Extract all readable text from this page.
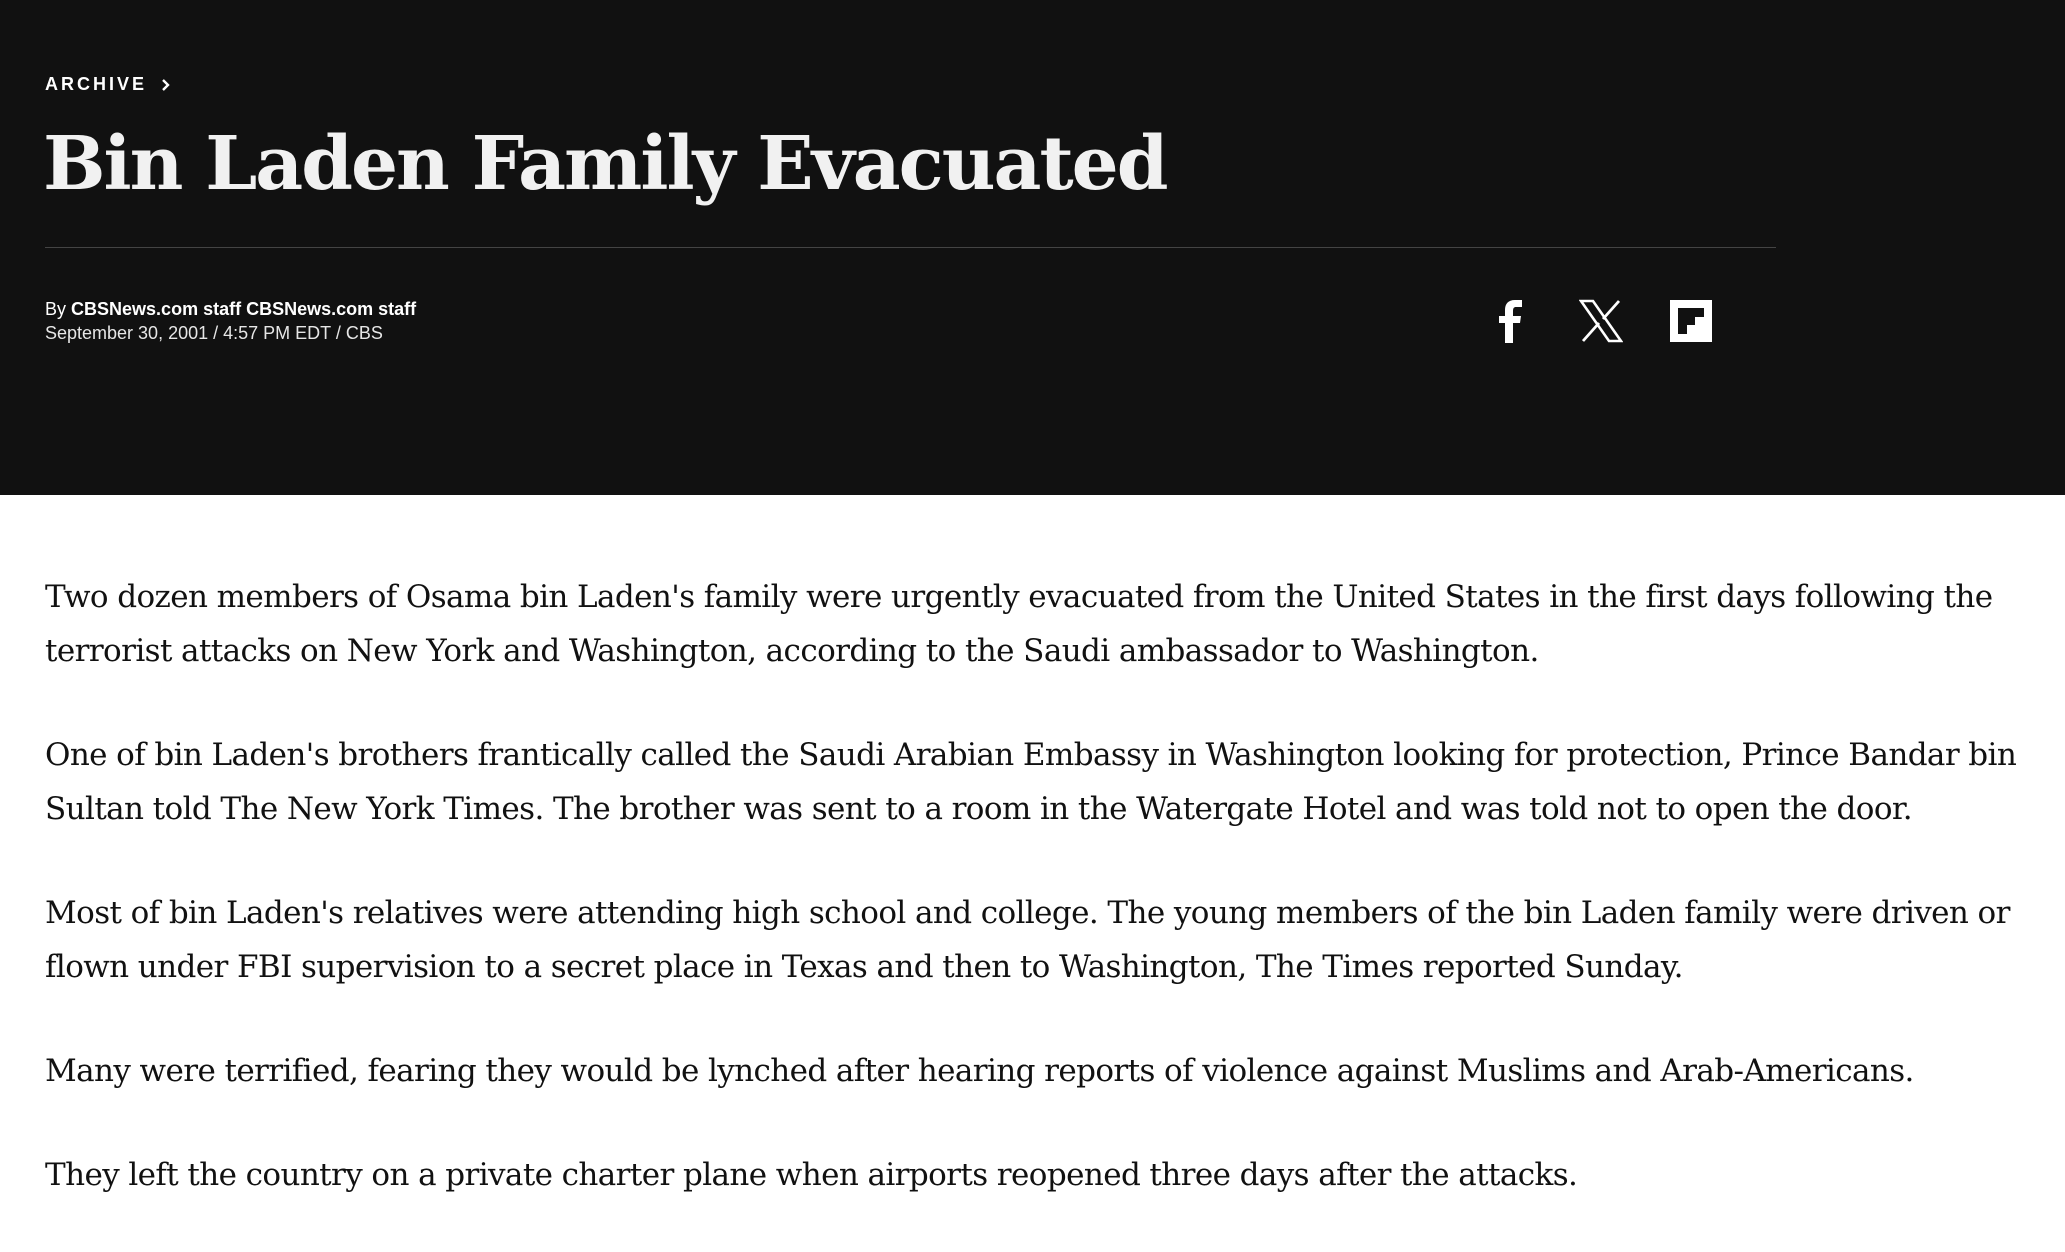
ARCHIVE
Bin Laden Family Evacuated
By CBSNews.com staff CBSNews.com staff
September 30, 2001 / 4:57 PM EDT / CBS

Two dozen members of Osama bin Laden's family were urgently evacuated from the United States in the first days following the terrorist attacks on New York and Washington, according to the Saudi ambassador to Washington.

One of bin Laden's brothers frantically called the Saudi Arabian Embassy in Washington looking for protection, Prince Bandar bin Sultan told The New York Times. The brother was sent to a room in the Watergate Hotel and was told not to open the door.

Most of bin Laden's relatives were attending high school and college. The young members of the bin Laden family were driven or flown under FBI supervision to a secret place in Texas and then to Washington, The Times reported Sunday.

Many were terrified, fearing they would be lynched after hearing reports of violence against Muslims and Arab-Americans.

They left the country on a private charter plane when airports reopened three days after the attacks.
